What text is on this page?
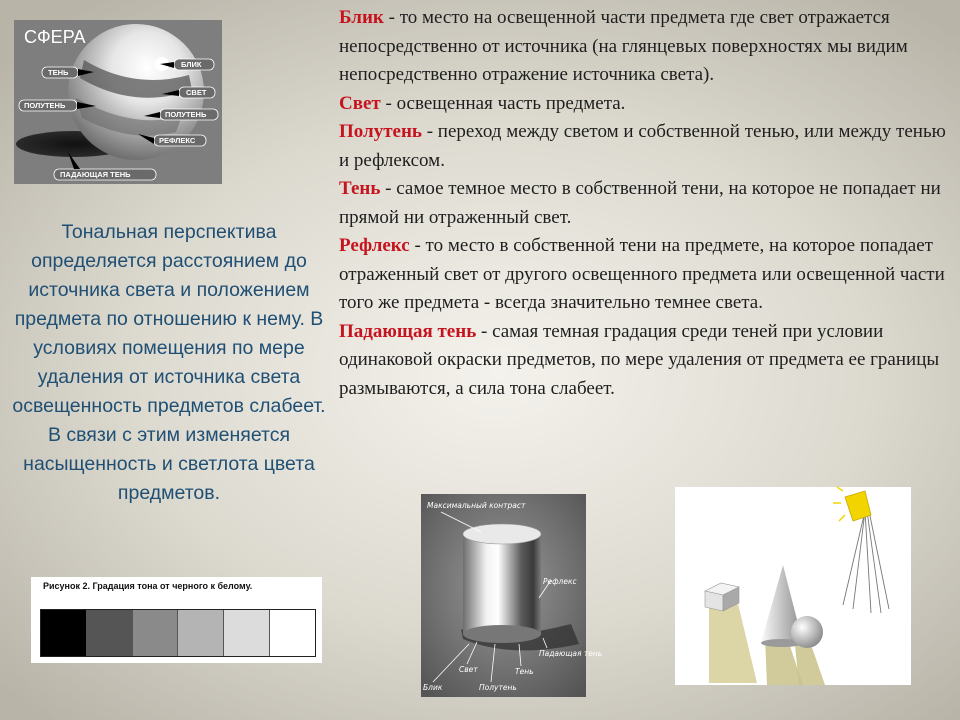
СФЕРА
ТЕНЬ
ПОЛУТЕНЬ
БЛИК
СВЕТ
ПОЛУТЕНЬ
РЕФЛЕКС
ПАДАЮЩАЯ ТЕНЬ
Тональная перспектива определяется расстоянием до источника света и положением предмета по отношению к нему. В условиях помещения по мере удаления от источника света освещенность предметов слабеет. В связи с этим изменяется насыщенность и светлота цвета предметов.

Блик - то место на освещенной части предмета где свет отражается непосредственно от источника (на глянцевых поверхностях мы видим непосредственно отражение источника света).

Свет - освещенная часть предмета.

Полутень - переход между светом и собственной тенью, или между тенью и рефлексом.

Тень - самое темное место в собственной тени, на которое не попадает ни прямой ни отраженный свет.

Рефлекс - то место в собственной тени на предмете, на которое попадает отраженный свет от другого освещенного предмета или освещенной части того же предмета - всегда значительно темнее света.

Падающая тень - самая темная градация среди теней при условии одинаковой окраски предметов, по мере удаления от предмета ее границы размываются, а сила тона слабеет.

Рисунок 2. Градация тона от черного к белому.
Максимальный контраст
Рефлекс
Падающая тень
Свет
Блик	Полутень
Тень
